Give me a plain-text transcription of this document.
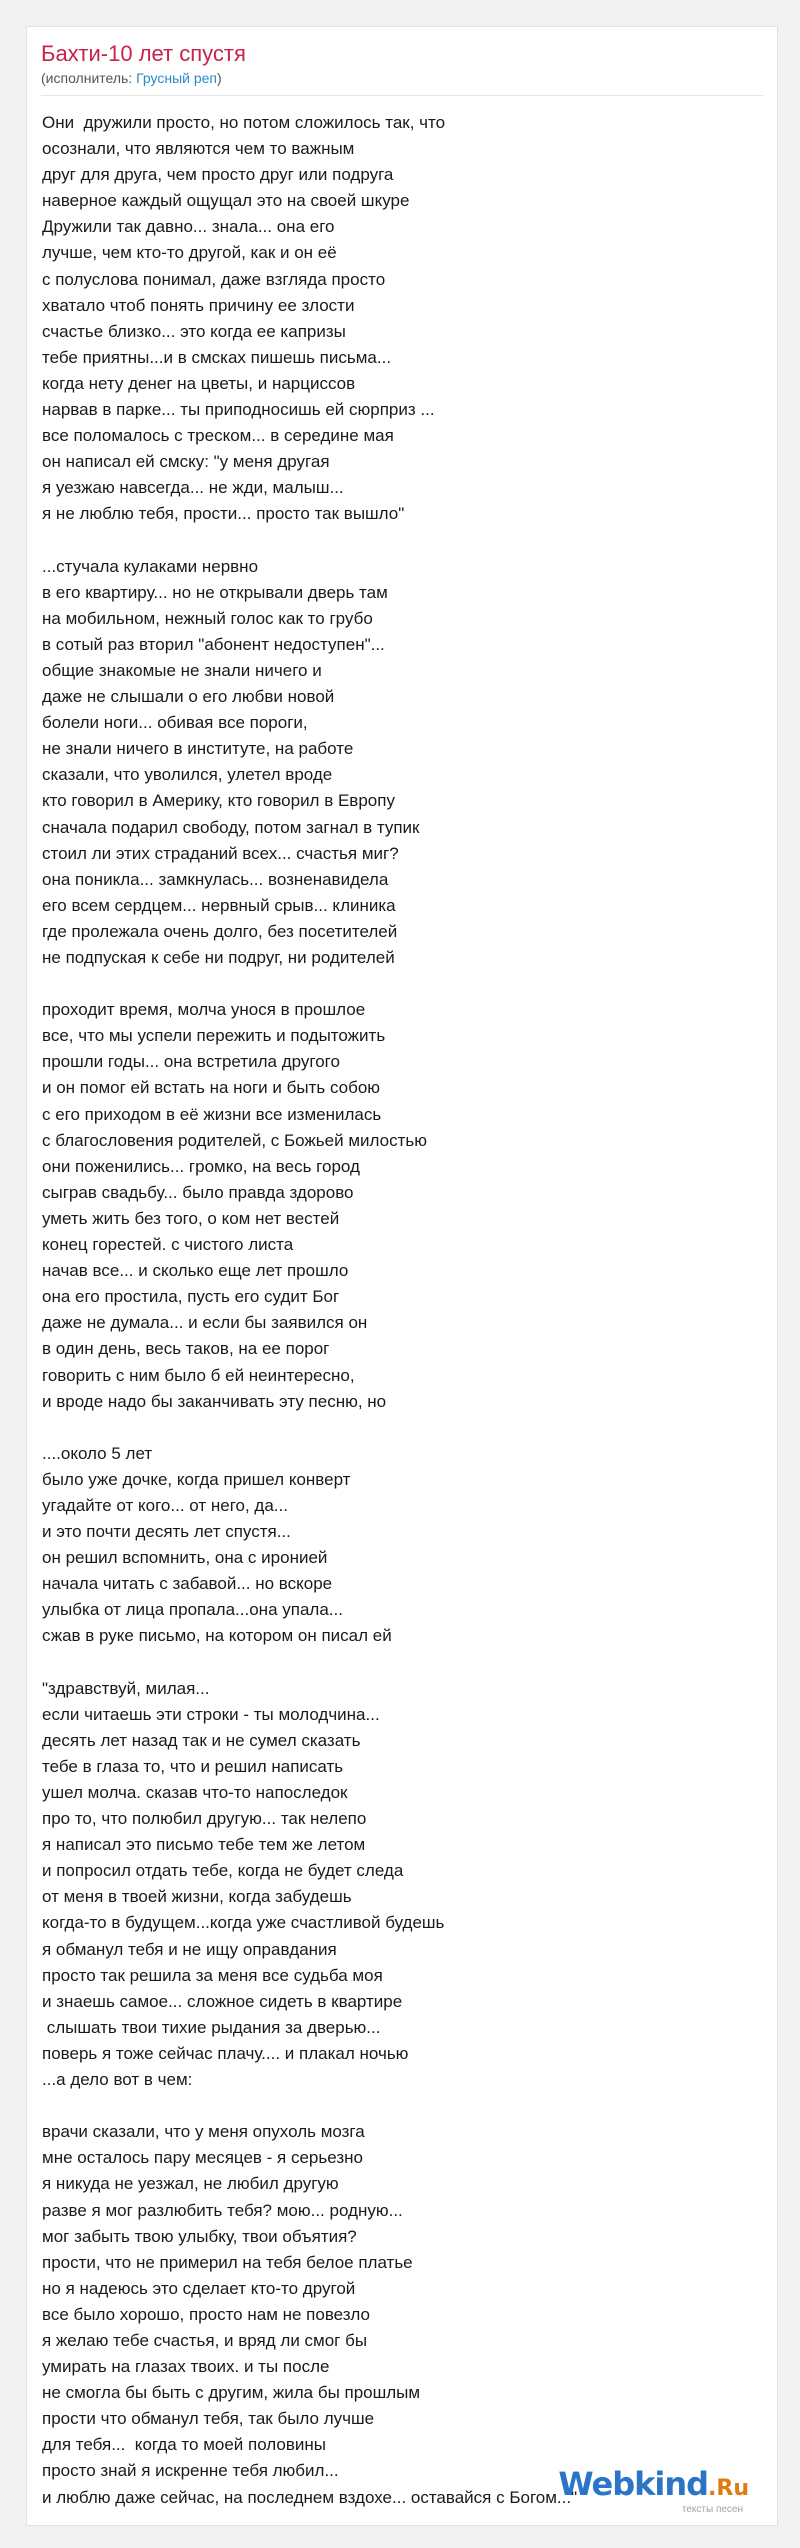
Бахти-10 лет спустя
(исполнитель: Грусный реп)
Они  дружили просто, но потом сложилось так, что
осознали, что являются чем то важным
друг для друга, чем просто друг или подруга
наверное каждый ощущал это на своей шкуре
Дружили так давно... знала... она его
лучше, чем кто-то другой, как и он её
с полуслова понимал, даже взгляда просто
хватало чтоб понять причину ее злости
счастье близко... это когда ее капризы
тебе приятны...и в смсках пишешь письма...
когда нету денег на цветы, и нарциссов
нарвав в парке... ты приподносишь ей сюрприз ...
все поломалось с треском... в середине мая
он написал ей смску: "у меня другая
я уезжаю навсегда... не жди, малыш...
я не люблю тебя, прости... просто так вышло"
...стучала кулаками нервно
в его квартиру... но не открывали дверь там
на мобильном, нежный голос как то грубо
в сотый раз вторил "абонент недоступен"...
общие знакомые не знали ничего и
даже не слышали о его любви новой
болели ноги... обивая все пороги,
не знали ничего в институте, на работе
сказали, что уволился, улетел вроде
кто говорил в Америку, кто говорил в Европу
сначала подарил свободу, потом загнал в тупик
стоил ли этих страданий всех... счастья миг?
она поникла... замкнулась... возненавидела
его всем сердцем... нервный срыв... клиника
где пролежала очень долго, без посетителей
не подпуская к себе ни подруг, ни родителей
проходит время, молча унося в прошлое
все, что мы успели пережить и подытожить
прошли годы... она встретила другого
и он помог ей встать на ноги и быть собою
с его приходом в её жизни все изменилась
с благословения родителей, с Божьей милостью
они поженились... громко, на весь город
сыграв свадьбу... было правда здорово
уметь жить без того, о ком нет вестей
конец горестей. с чистого листа
начав все... и сколько еще лет прошло
она его простила, пусть его судит Бог
даже не думала... и если бы заявился он
в один день, весь таков, на ее порог
говорить с ним было б ей неинтересно,
и вроде надо бы заканчивать эту песню, но
....около 5 лет
было уже дочке, когда пришел конверт
угадайте от кого... от него, да...
и это почти десять лет спустя...
он решил вспомнить, она с иронией
начала читать с забавой... но вскоре
улыбка от лица пропала...она упала...
сжав в руке письмо, на котором он писал ей
"здравствуй, милая...
если читаешь эти строки - ты молодчина...
десять лет назад так и не сумел сказать
тебе в глаза то, что и решил написать
ушел молча. сказав что-то напоследок
про то, что полюбил другую... так нелепо
я написал это письмо тебе тем же летом
и попросил отдать тебе, когда не будет следа
от меня в твоей жизни, когда забудешь
когда-то в будущем...когда уже счастливой будешь
я обманул тебя и не ищу оправдания
просто так решила за меня все судьба моя
и знаешь самое... сложное сидеть в квартире
слышать твои тихие рыдания за дверью...
поверь я тоже сейчас плачу.... и плакал ночью
...а дело вот в чем:
врачи сказали, что у меня опухоль мозга
мне осталось пару месяцев - я серьезно
я никуда не уезжал, не любил другую
разве я мог разлюбить тебя? мою... родную...
мог забыть твою улыбку, твои объятия?
прости, что не примерил на тебя белое платье
но я надеюсь это сделает кто-то другой
все было хорошо, просто нам не повезло
я желаю тебе счастья, и вряд ли смог бы
умирать на глазах твоих. и ты после
не смогла бы быть с другим, жила бы прошлым
прости что обманул тебя, так было лучше
для тебя...  когда то моей половины
просто знай я искренне тебя любил...
и люблю даже сейчас, на последнем вздохе... оставайся с Богом..."
Webkind.Ru
тексты песен
